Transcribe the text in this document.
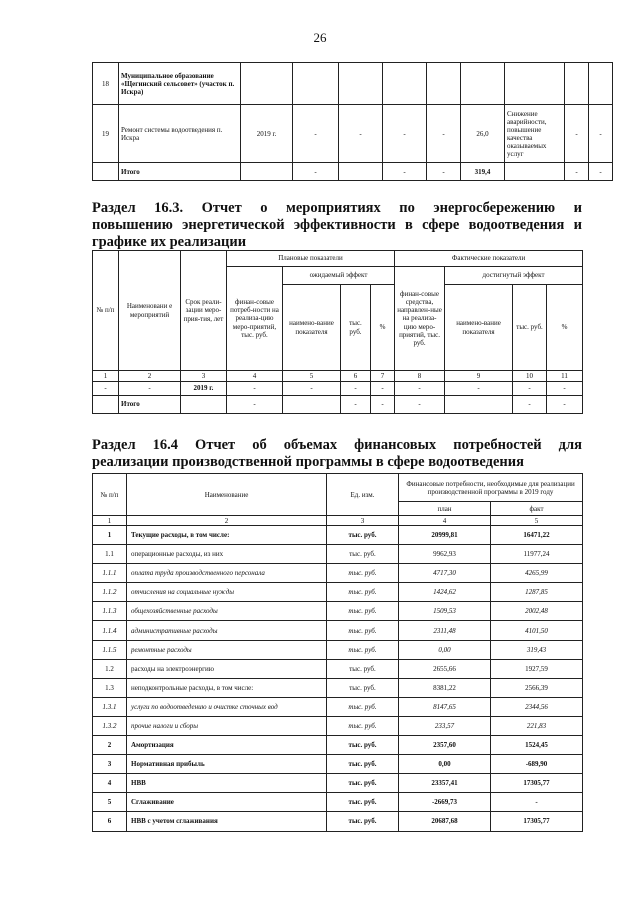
26
18	Муниципальное образование «Щегинский сельсовет» (участок п. Искра)									
19	Ремонт системы водоотведения п. Искра	2019 г.	-	-	-	-	26,0	Снижение аварийности, повышение качества оказываемых услуг	-	-
	Итого		-		-	-	319,4		-	-
Раздел 16.3. Отчет о мероприятиях по энергосбережению и
повышению энергетической эффективности в сфере водоотведения и
графике их реализации
№ п/п	Наименовани е мероприятий	Срок реали-зации меро-прия-тия, лет	Плановые показатели				Фактические показатели			
			финан-совые потреб-ности на реализа-цию меро-приятий, тыс. руб.	ожидаемый эффект			финан-совые средства, направлен-ные на реализа-цию меро-приятий, тыс. руб.	достигнутый эффект		
				наимено-вание показателя	тыс. руб.	%		наимено-вание показателя	тыс. руб.	%
1	2	3	4	5	6	7	8	9	10	11
-	-	2019 г.	-	-	-	-	-	-	-	-
	Итого		-		-	-	-		-	-
Раздел 16.4 Отчет об объемах финансовых потребностей для
реализации производственной программы в сфере водоотведения
№ п/п	Наименование	Ед. изм.	Финансовые потребности, необходимые для реализации производственной программы в 2019 году	
			план	факт
1	2	3	4	5
1	Текущие расходы, в том числе:	тыс. руб.	20999,81	16471,22
1.1	операционные расходы, из них	тыс. руб.	9962,93	11977,24
1.1.1	оплата труда производственного персонала	тыс. руб.	4717,30	4265,99
1.1.2	отчисления на социальные нужды	тыс. руб.	1424,62	1287,85
1.1.3	общехозяйственные расходы	тыс. руб.	1509,53	2002,48
1.1.4	административные расходы	тыс. руб.	2311,48	4101,50
1.1.5	ремонтные расходы	тыс. руб.	0,00	319,43
1.2	расходы на электроэнергию	тыс. руб.	2655,66	1927,59
1.3	неподконтрольные расходы, в том числе:	тыс. руб.	8381,22	2566,39
1.3.1	услуги по водоотведению и очистке сточных вод	тыс. руб.	8147,65	2344,56
1.3.2	прочие налоги и сборы	тыс. руб.	233,57	221,83
2	Амортизация	тыс. руб.	2357,60	1524,45
3	Нормативная прибыль	тыс. руб.	0,00	-689,90
4	НВВ	тыс. руб.	23357,41	17305,77
5	Сглаживание	тыс. руб.	-2669,73	-
6	НВВ с учетом сглаживания	тыс. руб.	20687,68	17305,77
